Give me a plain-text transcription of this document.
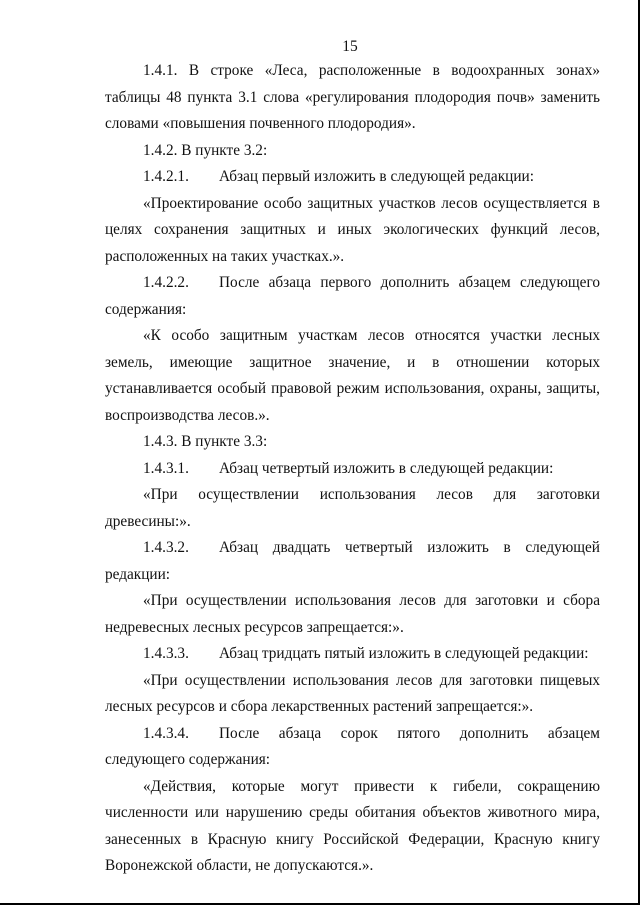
15

1.4.1. В строке «Леса, расположенные в водоохранных зонах» таблицы 48 пункта 3.1 слова «регулирования плодородия почв» заменить словами «повышения почвенного плодородия».

1.4.2. В пункте 3.2:

1.4.2.1. Абзац первый изложить в следующей редакции:

«Проектирование особо защитных участков лесов осуществляется в целях сохранения защитных и иных экологических функций лесов, расположенных на таких участках.».

1.4.2.2. После абзаца первого дополнить абзацем следующего содержания:

«К особо защитным участкам лесов относятся участки лесных земель, имеющие защитное значение, и в отношении которых устанавливается особый правовой режим использования, охраны, защиты, воспроизводства лесов.».

1.4.3. В пункте 3.3:

1.4.3.1. Абзац четвертый изложить в следующей редакции:

«При осуществлении использования лесов для заготовки древесины:».

1.4.3.2. Абзац двадцать четвертый изложить в следующей редакции:

«При осуществлении использования лесов для заготовки и сбора недревесных лесных ресурсов запрещается:».

1.4.3.3. Абзац тридцать пятый изложить в следующей редакции:

«При осуществлении использования лесов для заготовки пищевых лесных ресурсов и сбора лекарственных растений запрещается:».

1.4.3.4. После абзаца сорок пятого дополнить абзацем следующего содержания:

«Действия, которые могут привести к гибели, сокращению численности или нарушению среды обитания объектов животного мира, занесенных в Красную книгу Российской Федерации, Красную книгу Воронежской области, не допускаются.».
